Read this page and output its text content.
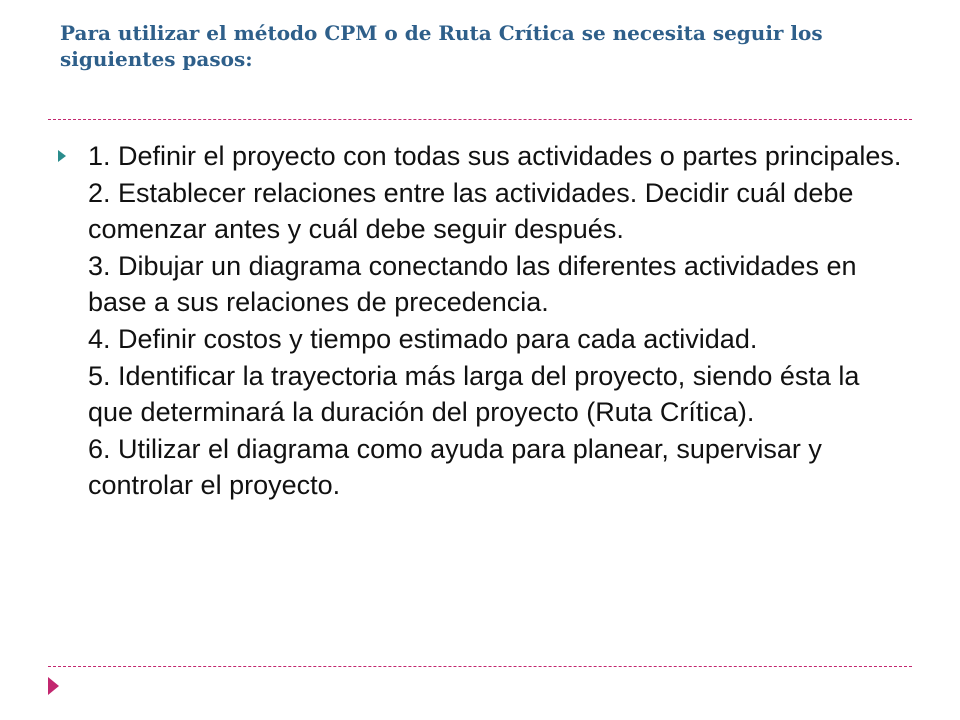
Para utilizar el método CPM o de Ruta Crítica se necesita seguir los siguientes pasos:
1. Definir el proyecto con todas sus actividades o partes principales.
2. Establecer relaciones entre las actividades. Decidir cuál debe comenzar antes y cuál debe seguir después.
3. Dibujar un diagrama conectando las diferentes actividades en base a sus relaciones de precedencia.
4. Definir costos y tiempo estimado para cada actividad.
5. Identificar la trayectoria más larga del proyecto, siendo ésta la que determinará la duración del proyecto (Ruta Crítica).
6. Utilizar el diagrama como ayuda para planear, supervisar y controlar el proyecto.
